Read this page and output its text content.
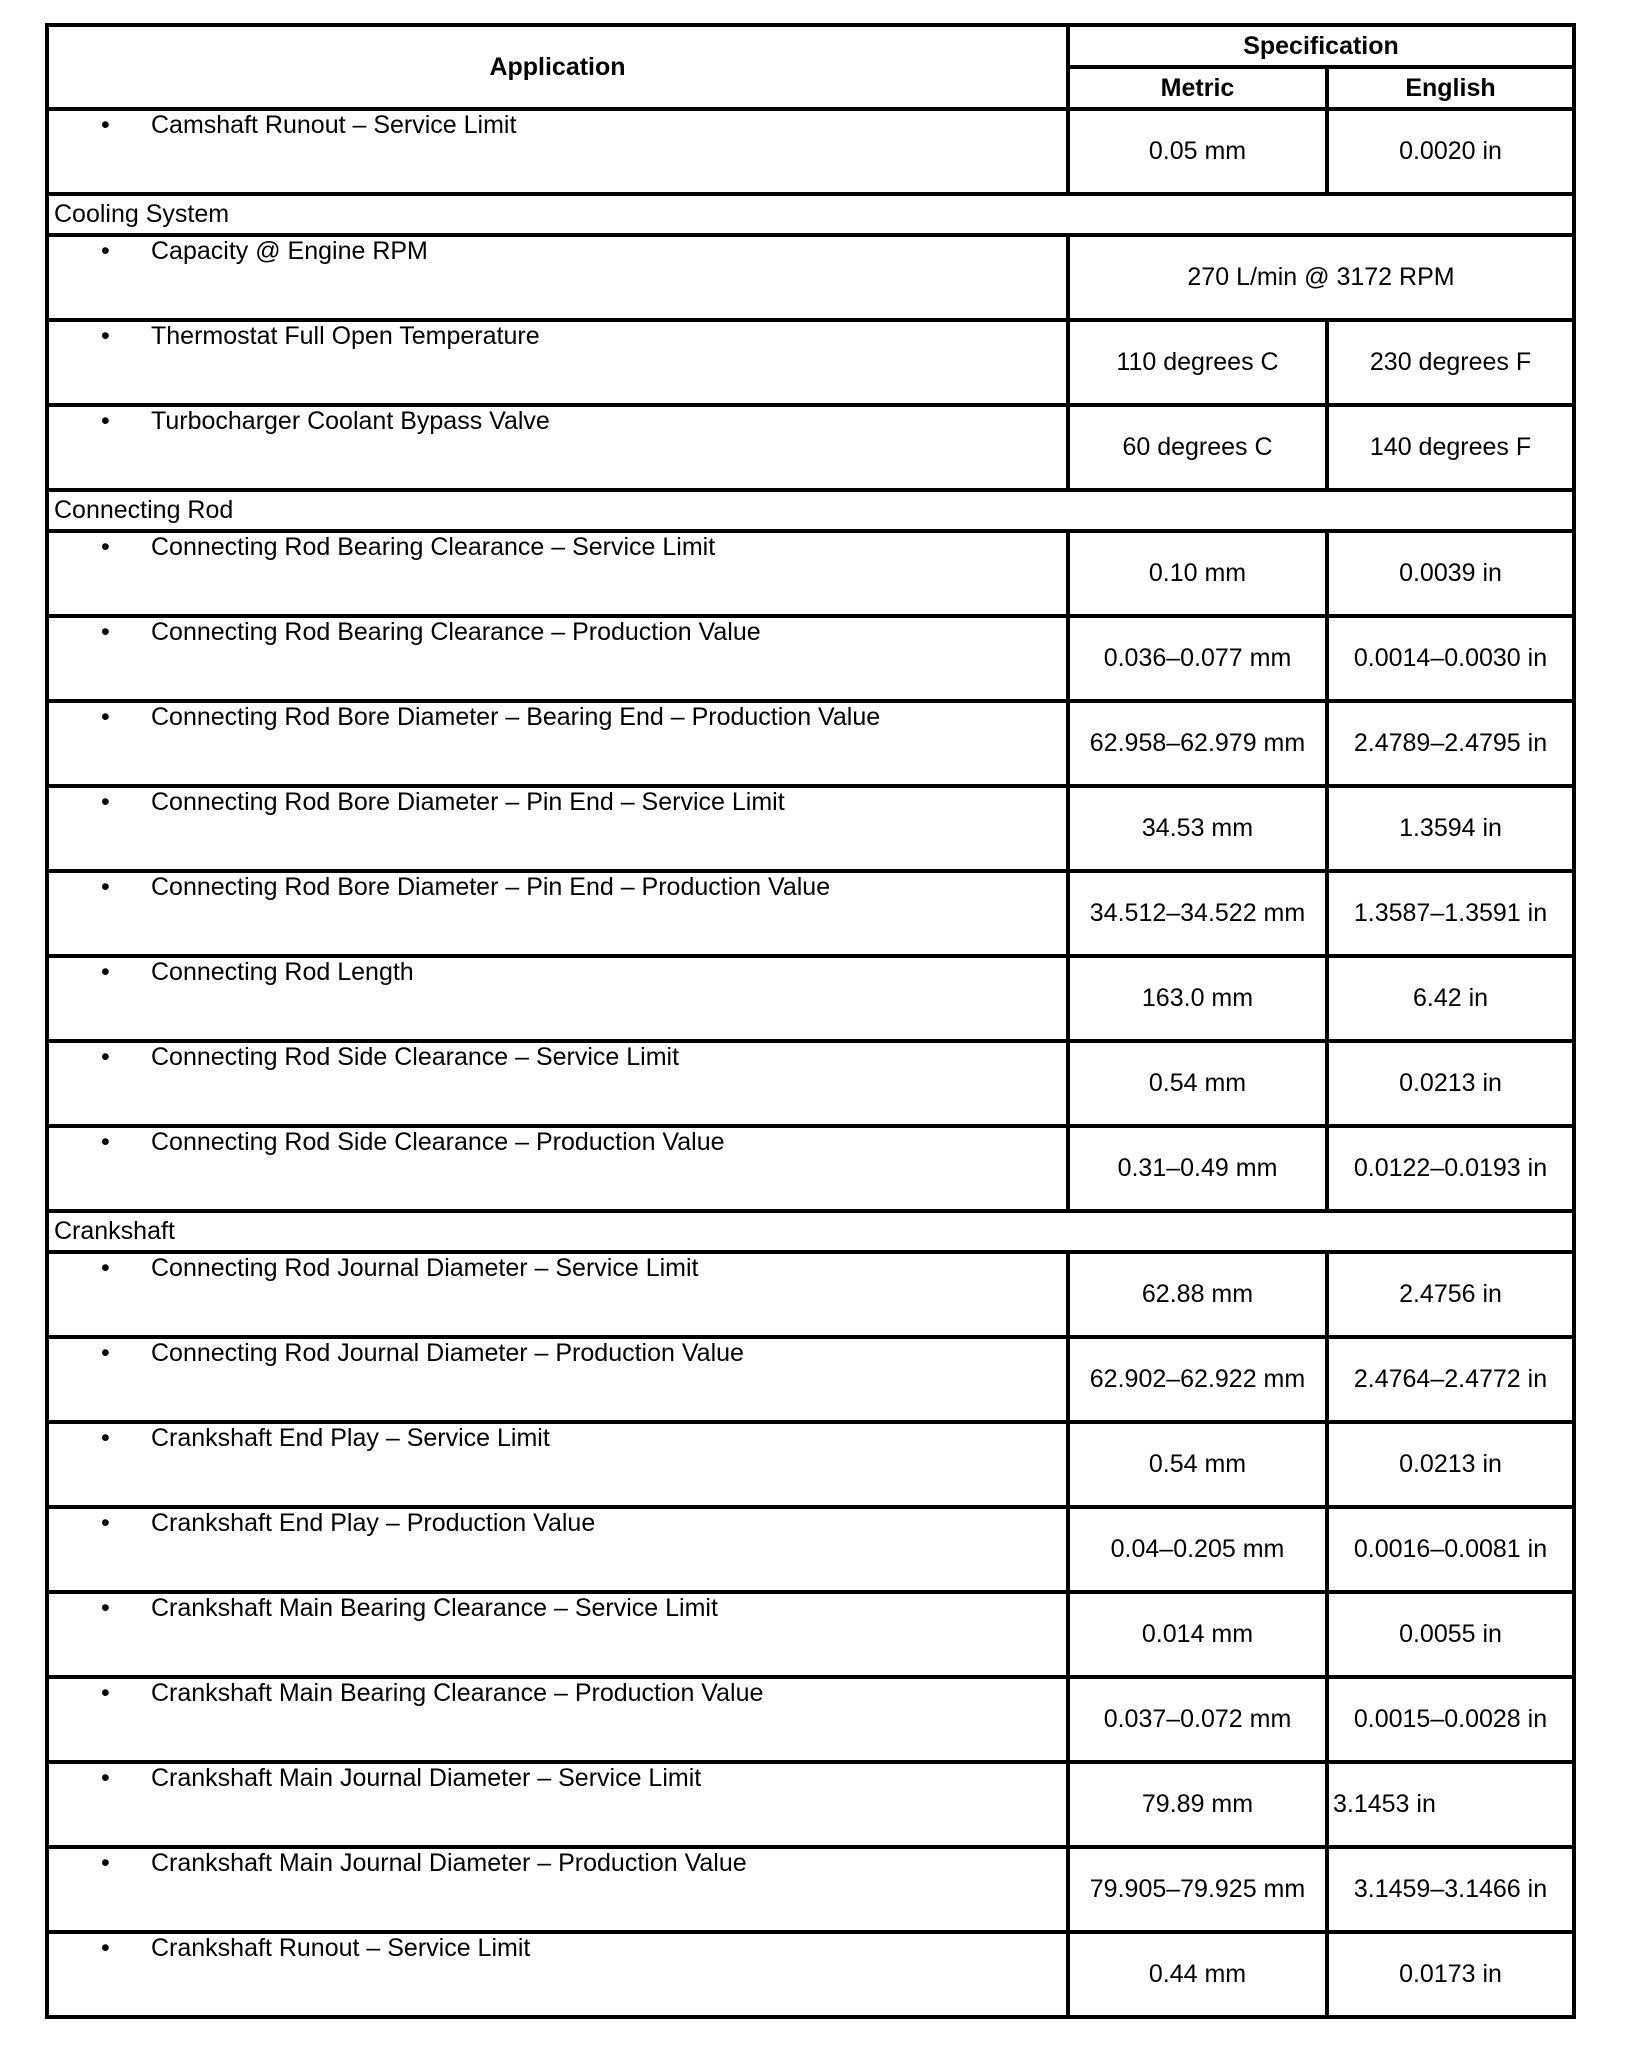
Application	Specification	
	Metric	English
• Camshaft Runout – Service Limit	0.05 mm	0.0020 in
Cooling System		
• Capacity @ Engine RPM	270 L/min @ 3172 RPM	
• Thermostat Full Open Temperature	110 degrees C	230 degrees F
• Turbocharger Coolant Bypass Valve	60 degrees C	140 degrees F
Connecting Rod		
• Connecting Rod Bearing Clearance – Service Limit	0.10 mm	0.0039 in
• Connecting Rod Bearing Clearance – Production Value	0.036–0.077 mm	0.0014–0.0030 in
• Connecting Rod Bore Diameter – Bearing End – Production Value	62.958–62.979 mm	2.4789–2.4795 in
• Connecting Rod Bore Diameter – Pin End – Service Limit	34.53 mm	1.3594 in
• Connecting Rod Bore Diameter – Pin End – Production Value	34.512–34.522 mm	1.3587–1.3591 in
• Connecting Rod Length	163.0 mm	6.42 in
• Connecting Rod Side Clearance – Service Limit	0.54 mm	0.0213 in
• Connecting Rod Side Clearance – Production Value	0.31–0.49 mm	0.0122–0.0193 in
Crankshaft		
• Connecting Rod Journal Diameter – Service Limit	62.88 mm	2.4756 in
• Connecting Rod Journal Diameter – Production Value	62.902–62.922 mm	2.4764–2.4772 in
• Crankshaft End Play – Service Limit	0.54 mm	0.0213 in
• Crankshaft End Play – Production Value	0.04–0.205 mm	0.0016–0.0081 in
• Crankshaft Main Bearing Clearance – Service Limit	0.014 mm	0.0055 in
• Crankshaft Main Bearing Clearance – Production Value	0.037–0.072 mm	0.0015–0.0028 in
• Crankshaft Main Journal Diameter – Service Limit	79.89 mm	3.1453 in
• Crankshaft Main Journal Diameter – Production Value	79.905–79.925 mm	3.1459–3.1466 in
• Crankshaft Runout – Service Limit	0.44 mm	0.0173 in
